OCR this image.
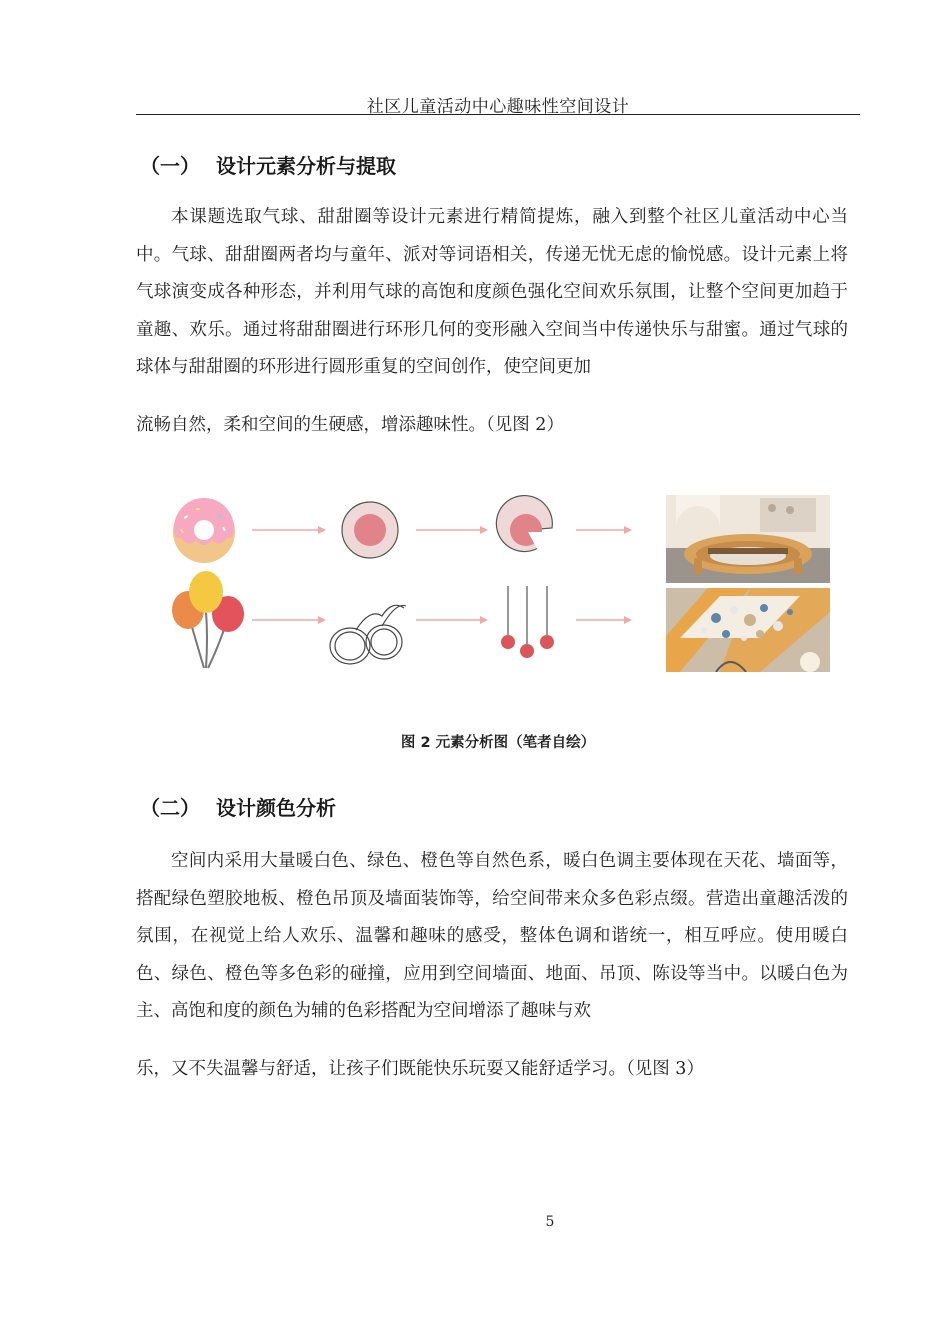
社区儿童活动中心趣味性空间设计
（一） 设计元素分析与提取

本课题选取气球、甜甜圈等设计元素进行精简提炼，融入到整个社区儿童活动中心当中。气球、甜甜圈两者均与童年、派对等词语相关，传递无忧无虑的愉悦感。设计元素上将气球演变成各种形态，并利用气球的高饱和度颜色强化空间欢乐氛围，让整个空间更加趋于童趣、欢乐。通过将甜甜圈进行环形几何的变形融入空间当中传递快乐与甜蜜。通过气球的球体与甜甜圈的环形进行圆形重复的空间创作，使空间更加

流畅自然，柔和空间的生硬感，增添趣味性。（见图 2）

图 2 元素分析图（笔者自绘）
（二） 设计颜色分析

空间内采用大量暖白色、绿色、橙色等自然色系，暖白色调主要体现在天花、墙面等，搭配绿色塑胶地板、橙色吊顶及墙面装饰等，给空间带来众多色彩点缀。营造出童趣活泼的氛围，在视觉上给人欢乐、温馨和趣味的感受，整体色调和谐统一，相互呼应。使用暖白色、绿色、橙色等多色彩的碰撞，应用到空间墙面、地面、吊顶、陈设等当中。以暖白色为主、高饱和度的颜色为辅的色彩搭配为空间增添了趣味与欢

乐，又不失温馨与舒适，让孩子们既能快乐玩耍又能舒适学习。（见图 3）

5
